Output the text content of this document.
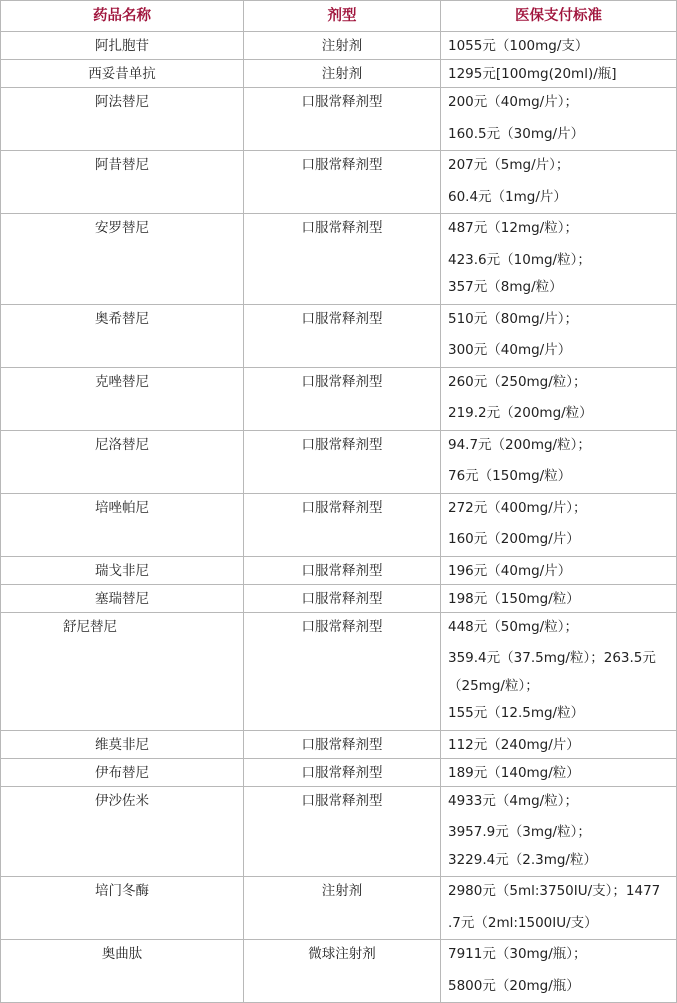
药品名称	剂型	医保支付标准

阿扎胞苷	注射剂	1055元（100mg/支）

西妥昔单抗	注射剂	1295元[100mg(20ml)/瓶]

阿法替尼	口服常释剂型	200元（40mg/片）；
160.5元（30mg/片）

阿昔替尼	口服常释剂型	207元（5mg/片）；
60.4元（1mg/片）

安罗替尼	口服常释剂型	487元（12mg/粒）；
423.6元（10mg/粒）；
357元（8mg/粒）

奥希替尼	口服常释剂型	510元（80mg/片）；
300元（40mg/片）

克唑替尼	口服常释剂型	260元（250mg/粒）；
219.2元（200mg/粒）

尼洛替尼	口服常释剂型	94.7元（200mg/粒）；
76元（150mg/粒）

培唑帕尼	口服常释剂型	272元（400mg/片）；
160元（200mg/片）

瑞戈非尼	口服常释剂型	196元（40mg/片）

塞瑞替尼	口服常释剂型	198元（150mg/粒）

舒尼替尼	口服常释剂型	448元（50mg/粒）；
359.4元（37.5mg/粒）；263.5元
（25mg/粒）；
155元（12.5mg/粒）

维莫非尼	口服常释剂型	112元（240mg/片）

伊布替尼	口服常释剂型	189元（140mg/粒）

伊沙佐米	口服常释剂型	4933元（4mg/粒）；
3957.9元（3mg/粒）；
3229.4元（2.3mg/粒）

培门冬酶	注射剂	2980元（5ml:3750IU/支）；1477
.7元（2ml:1500IU/支）

奥曲肽	微球注射剂	7911元（30mg/瓶）；
5800元（20mg/瓶）
